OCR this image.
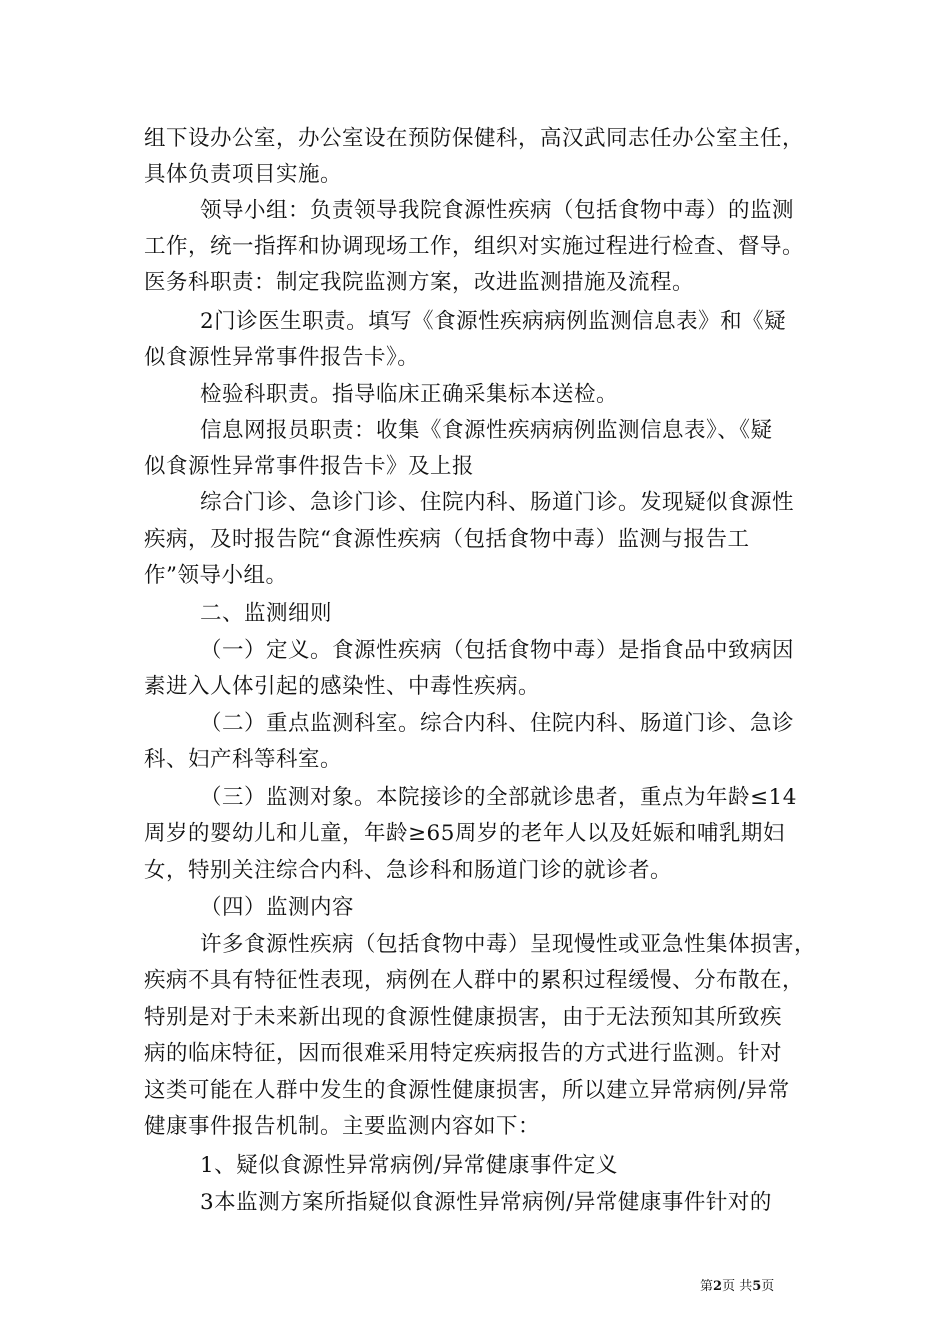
组下设办公室，办公室设在预防保健科，高汉武同志任办公室主任，
具体负责项目实施。
领导小组：负责领导我院食源性疾病（包括食物中毒）的监测
工作，统一指挥和协调现场工作，组织对实施过程进行检查、督导。
医务科职责：制定我院监测方案，改进监测措施及流程。
2门诊医生职责。填写《食源性疾病病例监测信息表》和《疑
似食源性异常事件报告卡》。
检验科职责。指导临床正确采集标本送检。
信息网报员职责：收集《食源性疾病病例监测信息表》、《疑
似食源性异常事件报告卡》及上报
综合门诊、急诊门诊、住院内科、肠道门诊。发现疑似食源性
疾病，及时报告院“食源性疾病（包括食物中毒）监测与报告工
作”领导小组。
二、监测细则
（一）定义。食源性疾病（包括食物中毒）是指食品中致病因
素进入人体引起的感染性、中毒性疾病。
（二）重点监测科室。综合内科、住院内科、肠道门诊、急诊
科、妇产科等科室。
（三）监测对象。本院接诊的全部就诊患者，重点为年龄≤14
周岁的婴幼儿和儿童，年龄≥65周岁的老年人以及妊娠和哺乳期妇
女，特别关注综合内科、急诊科和肠道门诊的就诊者。
（四）监测内容
许多食源性疾病（包括食物中毒）呈现慢性或亚急性集体损害，
疾病不具有特征性表现，病例在人群中的累积过程缓慢、分布散在，
特别是对于未来新出现的食源性健康损害，由于无法预知其所致疾
病的临床特征，因而很难采用特定疾病报告的方式进行监测。针对
这类可能在人群中发生的食源性健康损害，所以建立异常病例/异常
健康事件报告机制。主要监测内容如下：
1、疑似食源性异常病例/异常健康事件定义
3本监测方案所指疑似食源性异常病例/异常健康事件针对的
第2页 共5页
